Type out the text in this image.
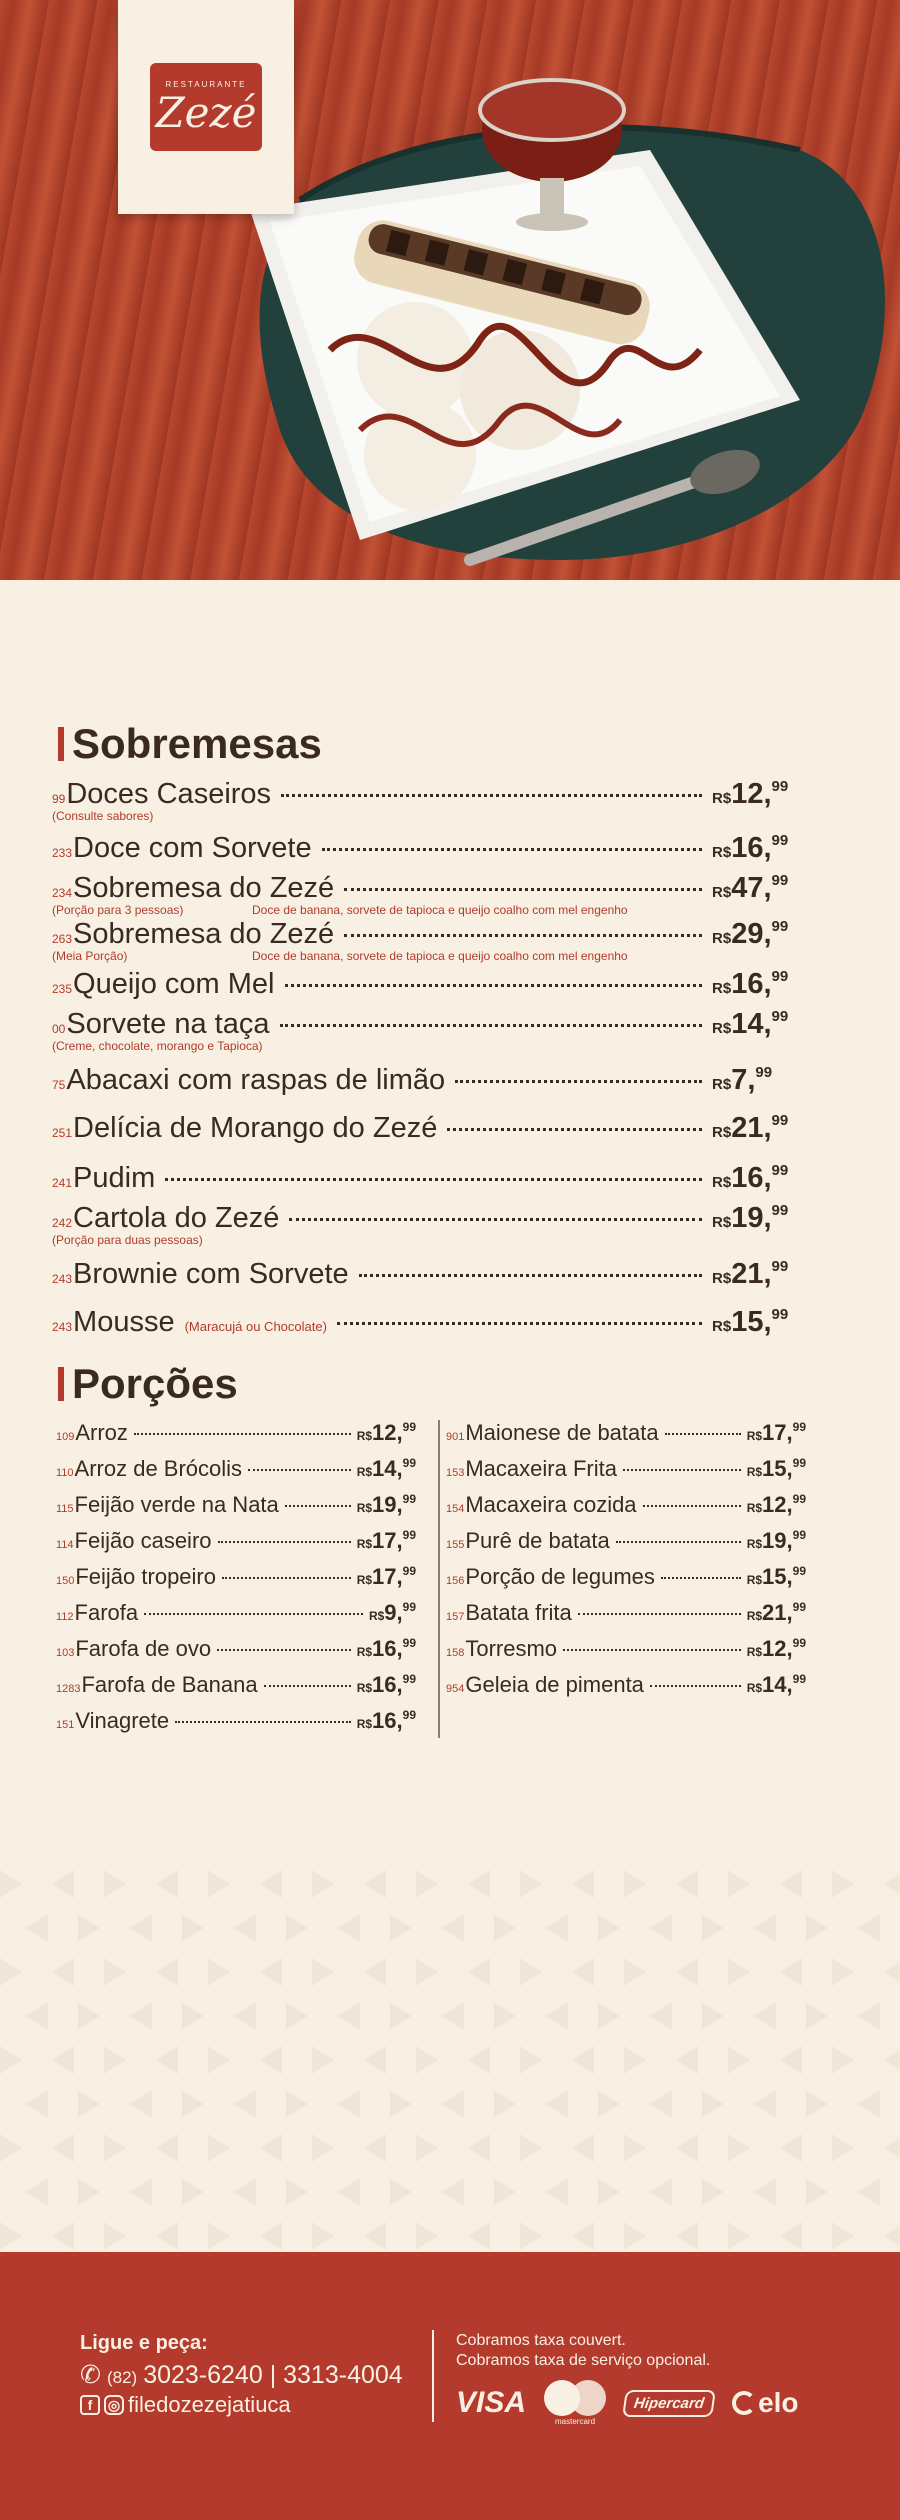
RESTAURANTE
Zezé
Sobremesas
99 Doces Caseiros	R$ 12, 99
(Consulte sabores)
233 Doce com Sorvete	R$ 16, 99
234 Sobremesa do Zezé	R$ 47, 99
(Porção para 3 pessoas)	Doce de banana, sorvete de tapioca e queijo coalho com mel engenho
263 Sobremesa do Zezé	R$ 29, 99
(Meia Porção)	Doce de banana, sorvete de tapioca e queijo coalho com mel engenho
235 Queijo com Mel	R$ 16, 99
00 Sorvete na taça	R$ 14, 99
(Creme, chocolate, morango e Tapioca)
75 Abacaxi com raspas de limão	R$ 7, 99
251 Delícia de Morango do Zezé	R$ 21, 99
241 Pudim	R$ 16, 99
242 Cartola do Zezé	R$ 19, 99
(Porção para duas pessoas)
243 Brownie com Sorvete	R$ 21, 99
243 Mousse (Maracujá ou Chocolate)	R$ 15, 99
Porções
109 Arroz	R$ 12, 99
110 Arroz de Brócolis	R$ 14, 99
115 Feijão verde na Nata	R$ 19, 99
114 Feijão caseiro	R$ 17, 99
150 Feijão tropeiro	R$ 17, 99
112 Farofa	R$ 9, 99
103 Farofa de ovo	R$ 16, 99
1283 Farofa de Banana	R$ 16, 99
151 Vinagrete	R$ 16, 99
901 Maionese de batata	R$ 17, 99
153 Macaxeira Frita	R$ 15, 99
154 Macaxeira cozida	R$ 12, 99
155 Purê de batata	R$ 19, 99
156 Porção de legumes	R$ 15, 99
157 Batata frita	R$ 21, 99
158 Torresmo	R$ 12, 99
954 Geleia de pimenta	R$ 14, 99
Ligue e peça:
✆ (82) 3023-6240 | 3313-4004
f	◎ filedozezejatiuca
Cobramos taxa couvert.
Cobramos taxa de serviço opcional.
VISA
mastercard
Hipercard	elo
